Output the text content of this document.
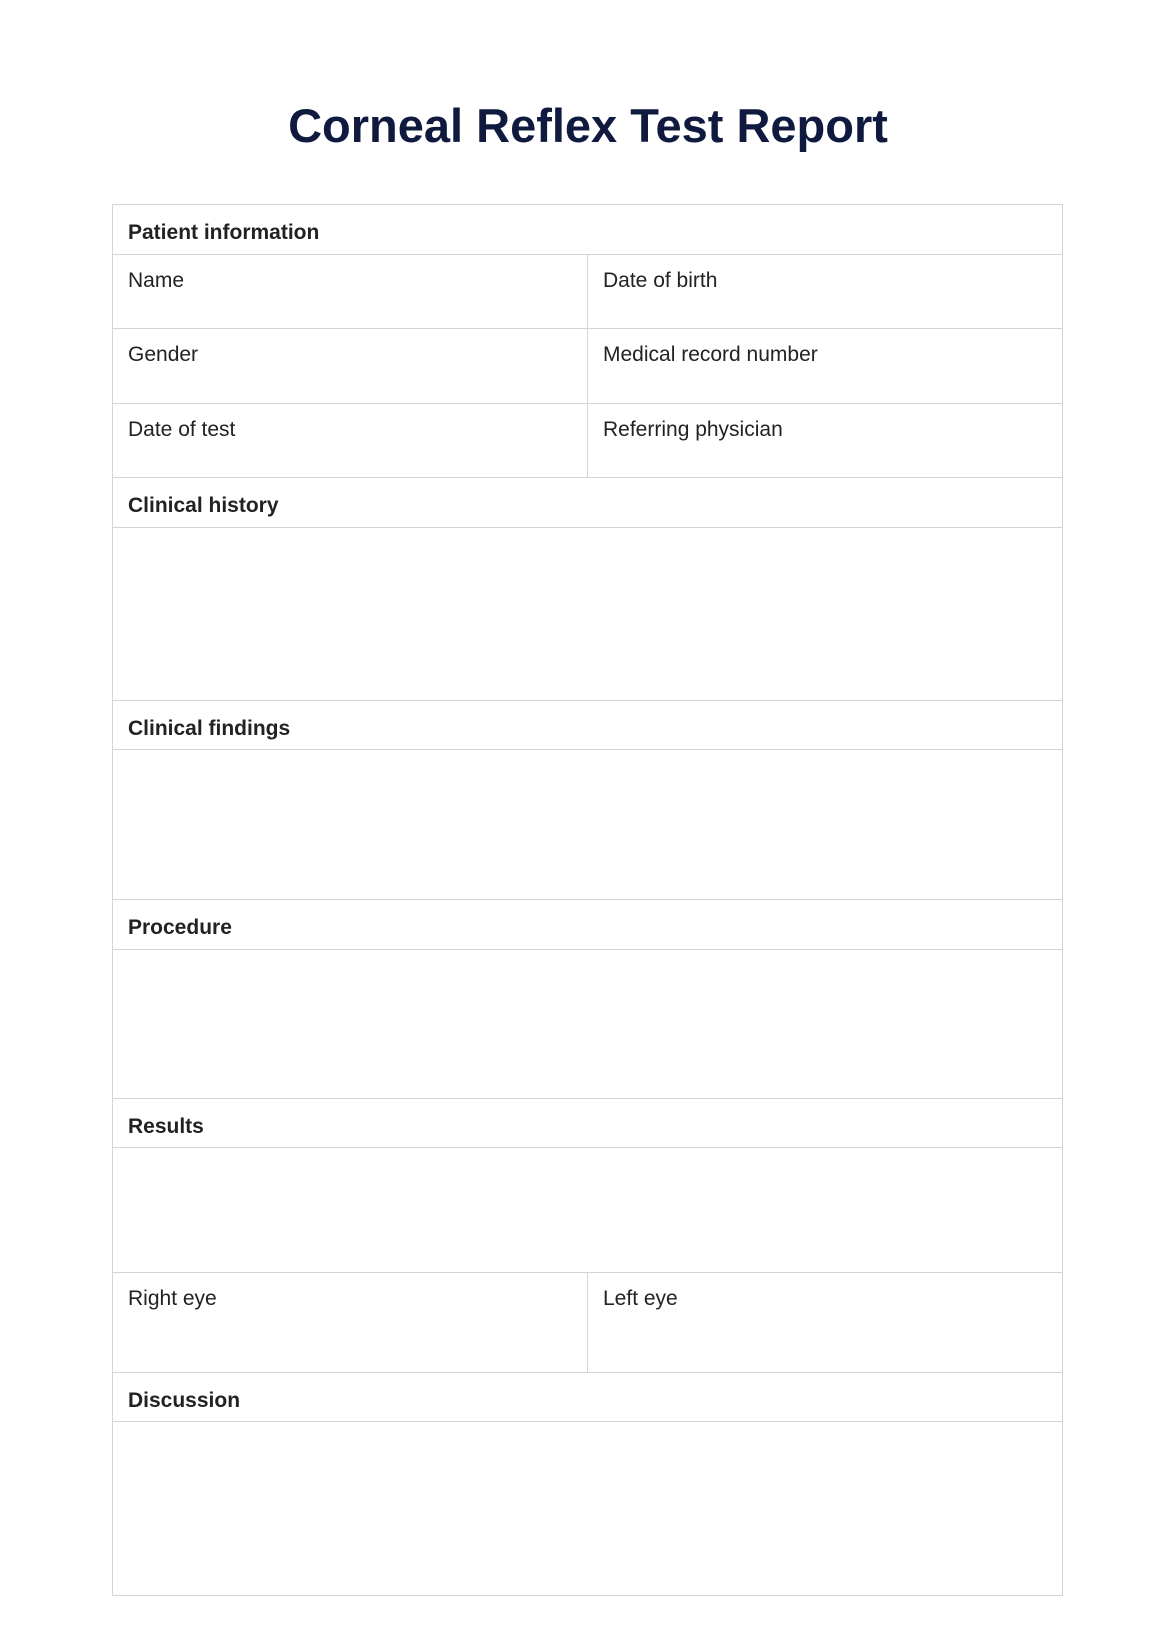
Corneal Reflex Test Report
Patient information
Name	Date of birth
Gender	Medical record number
Date of test	Referring physician
Clinical history
Clinical findings
Procedure
Results
Right eye	Left eye
Discussion
